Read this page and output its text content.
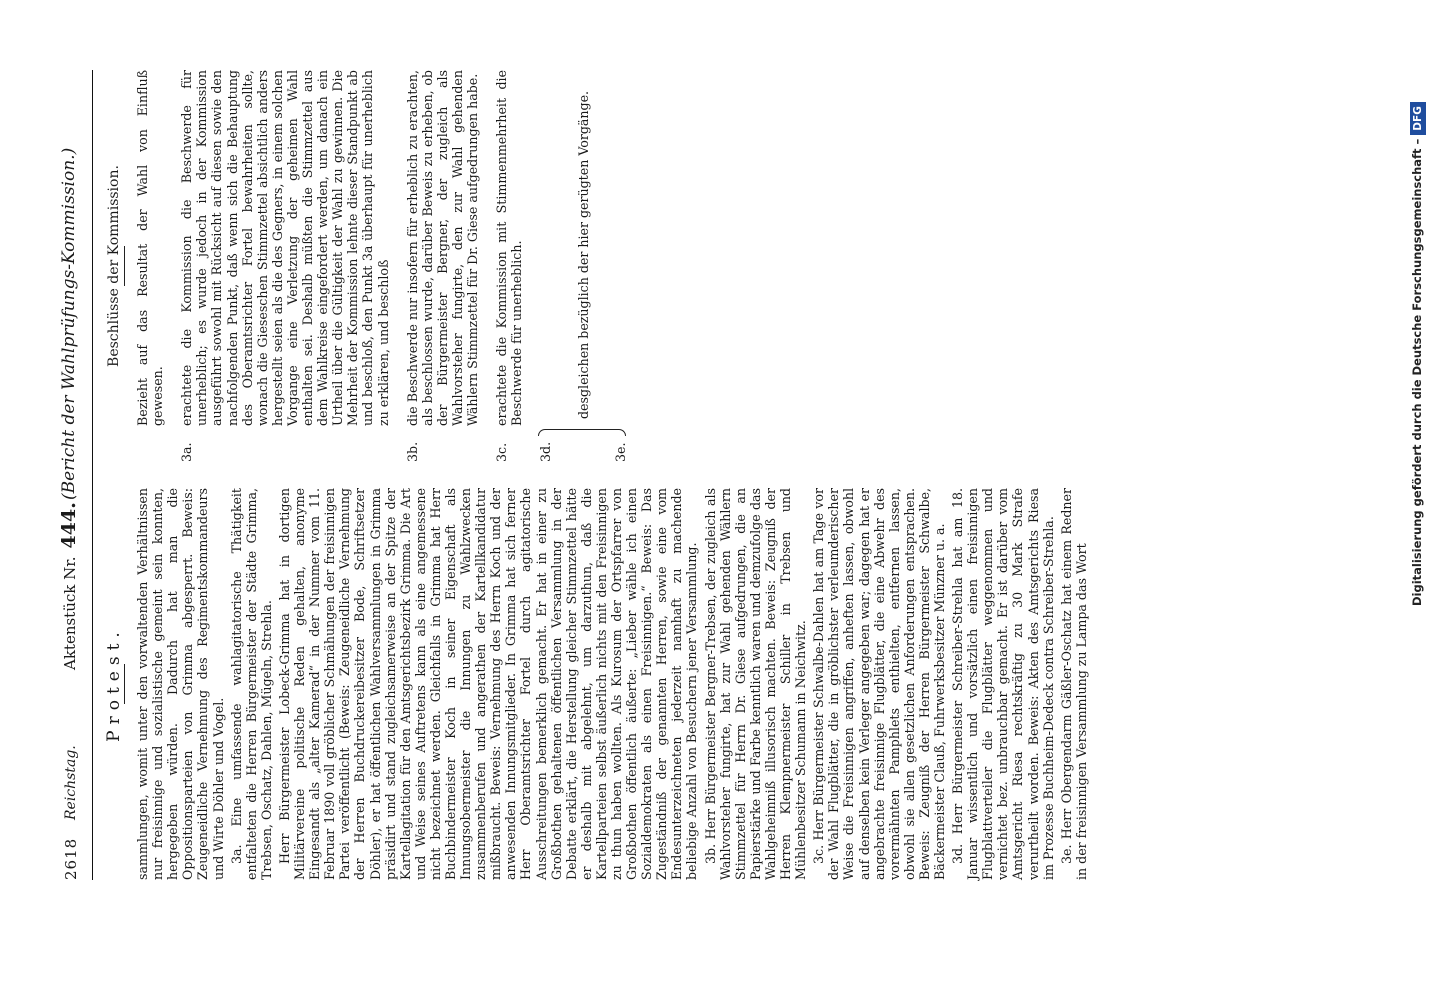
2618
Reichstag.
Aktenstück Nr.444.
(Bericht der Wahlprüfungs-Kommission.)
Protest. sammlungen, womit unter den vorwaltenden Verhältnissen nur freisinnige und sozialistische gemeint sein konnten, hergegeben würden. Dadurch hat man die Oppositionsparteien von Grimma abgesperrt. Beweis: Zeugeneidliche Vernehmung des Regimentskommandeurs und Wirte Döhler und Vogel. 3a. Eine umfassende wahlagitatorische Thätigkeit entfalteten die Herren Bürgermeister der Städte Grimma, Trebsen, Oschatz, Dahlen, Mügeln, Strehla. Herr Bürgermeister Lobeck-Grimma hat in dortigen Militärvereine politische Reden gehalten, anonyme Eingesandt als „alter Kamerad“ in der Nummer vom 11. Februar 1890 voll gröblicher Schmähungen der freisinnigen Partei veröffentlicht (Beweis: Zeugeneidliche Vernehmung der Herren Buchdruckereibesitzer Bode, Schriftsetzer Döhler), er hat öffentlichen Wahlversammlungen in Grimma präsidirt und stand zugleichsamerweise an der Spitze der Kartellagitation für den Amtsgerichtsbezirk Grimma. Die Art und Weise seines Auftretens kann als eine angemessene nicht bezeichnet werden. Gleichfalls in Grimma hat Herr Buchbindermeister Koch in seiner Eigenschaft als Innungsobermeister die Innungen zu Wahlzwecken zusammenberufen und angerathen der Kartellkandidatur mißbraucht. Beweis: Vernehmung des Herrn Koch und der anwesenden Innungsmitglieder. In Grimma hat sich ferner Herr Oberamtsrichter Fortel durch agitatorische Ausschreitungen bemerklich gemacht. Er hat in einer zu Großbothen gehaltenen öffentlichen Versammlung in der Debatte erklärt, die Herstellung gleicher Stimmzettel hätte er deshalb mit abgelehnt, um darzuthun, daß die Kartellparteien selbst äußerlich nichts mit den Freisinnigen zu thun haben wollten. Als Kurosum der Ortspfarrer von Großbothen öffentlich äußerte: „Lieber wähle ich einen Sozialdemokraten als einen Freisinnigen.“ Beweis: Das Zugeständniß der genannten Herren, sowie eine vom Endesunterzeichneten jederzeit namhaft zu machende beliebige Anzahl von Besuchern jener Versammlung. 3b. Herr Bürgermeister Bergner-Trebsen, der zugleich als Wahlvorsteher fungirte, hat zur Wahl gehenden Wählern Stimmzettel für Herrn Dr. Giese aufgedrungen, die an Papierstärke und Farbe kenntlich waren und demzufolge das Wahlgeheimniß illusorisch machten. Beweis: Zeugniß der Herren Klempnermeister Schiller in Trebsen und Mühlenbesitzer Schumann in Neichwitz. 3c. Herr Bürgermeister Schwalbe-Dahlen hat am Tage vor der Wahl Flugblätter, die in gröblichster verleumderischer Weise die Freisinnigen angriffen, anheften lassen, obwohl auf denselben kein Verleger angegeben war; dagegen hat er angebrachte freisinnige Flugblätter, die eine Abwehr des vorermähnten Pamphlets enthielten, entfernen lassen, obwohl sie allen gesetzlichen Anforderungen entsprachen. Beweis: Zeugniß der Herren Bürgermeister Schwalbe, Bäckermeister Clauß, Fuhrwerksbesitzer Münzner u. a. 3d. Herr Bürgermeister Schreiber-Strehla hat am 18. Januar wissentlich und vorsätzlich einen freisinnigen Flugblattverteiler die Flugblätter weggenommen und vernichtet bez. unbrauchbar gemacht. Er ist darüber vom Amtsgericht Riesa rechtskräftig zu 30 Mark Strafe verurtheilt worden. Beweis: Akten des Amtsgerichts Riesa im Prozesse Buchheim-Dedeck contra Schreiber-Strehla. 3e. Herr Obergendarm Gäßler-Oschatz hat einem Redner in der freisinnigen Versammlung zu Lampa das Wort

Beschlüsse der Kommission. Bezieht auf das Resultat der Wahl von Einfluß gewesen.
3a.
erachtete die Kommission die Beschwerde für unerheblich; es wurde jedoch in der Kommission ausgeführt sowohl mit Rücksicht auf diesen sowie den nachfolgenden Punkt, daß wenn sich die Behauptung des Oberamtsrichter Fortel bewahrheiten sollte, wonach die Gieseschen Stimmzettel absichtlich anders hergestellt seien als die des Gegners, in einem solchen Vorgange eine Verletzung der geheimen Wahl enthalten sei. Deshalb müßten die Stimmzettel aus dem Wahlkreise eingefordert werden, um danach ein Urtheil über die Gültigkeit der Wahl zu gewinnen. Die Mehrheit der Kommission lehnte dieser Standpunkt ab und beschloß, den Punkt 3a überhaupt für unerheblich zu erklären, und beschloß
3b.
die Beschwerde nur insofern für erheblich zu erachten, als beschlossen wurde, darüber Beweis zu erheben, ob der Bürgermeister Bergner, der zugleich als Wahlvorsteher fungirte, den zur Wahl gehenden Wählern Stimmzettel für Dr. Giese aufgedrungen habe.
3c.
erachtete die Kommission mit Stimmenmehrheit die Beschwerde für unerheblich.
3d.	3e.
desgleichen bezüglich der hier gerügten Vorgänge.	Digitalisierung gefördert durch die Deutsche Forschungsgemeinschaft –DFG
